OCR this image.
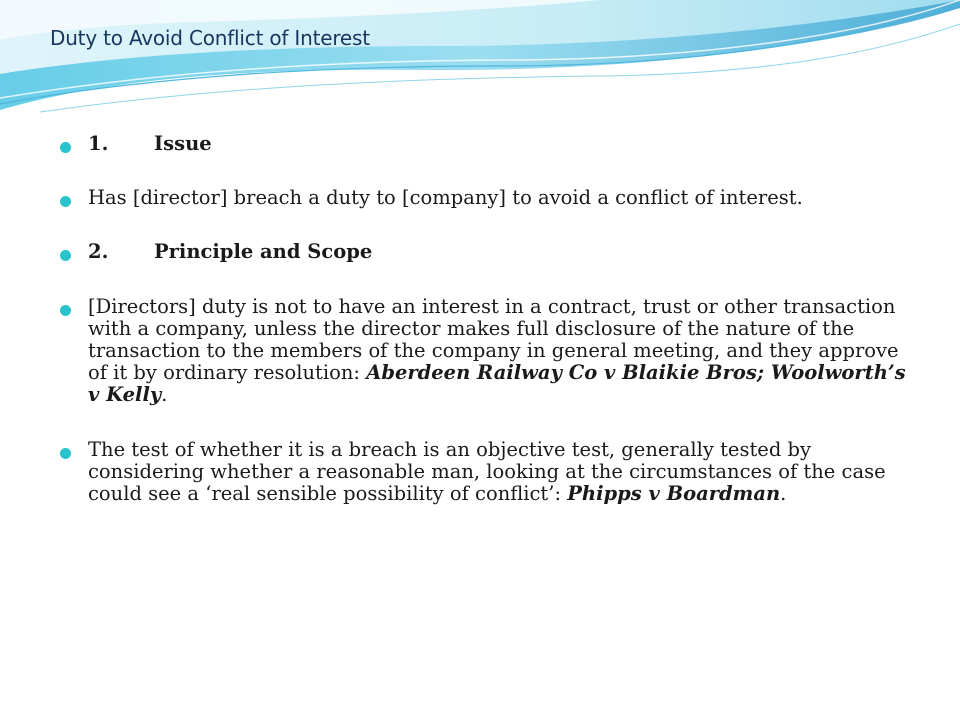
Duty to Avoid Conflict of Interest

1. Issue

Has [director] breach a duty to [company] to avoid a conflict of interest.

2. Principle and Scope

[Directors] duty is not to have an interest in a contract, trust or other transaction with a company, unless the director makes full disclosure of the nature of the transaction to the members of the company in general meeting, and they approve of it by ordinary resolution: Aberdeen Railway Co v Blaikie Bros; Woolworth’s v Kelly.

The test of whether it is a breach is an objective test, generally tested by considering whether a reasonable man, looking at the circumstances of the case could see a ‘real sensible possibility of conflict’: Phipps v Boardman.
